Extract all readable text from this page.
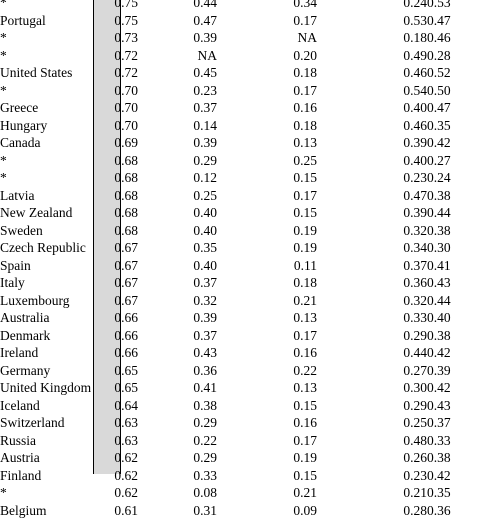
*	0.75	0.44	0.34	0.24	0.53
Portugal	0.75	0.47	0.17	0.53	0.47
*	0.73	0.39	NA	0.18	0.46
*	0.72	NA	0.20	0.49	0.28
United States	0.72	0.45	0.18	0.46	0.52
*	0.70	0.23	0.17	0.54	0.50
Greece	0.70	0.37	0.16	0.40	0.47
Hungary	0.70	0.14	0.18	0.46	0.35
Canada	0.69	0.39	0.13	0.39	0.42
*	0.68	0.29	0.25	0.40	0.27
*	0.68	0.12	0.15	0.23	0.24
Latvia	0.68	0.25	0.17	0.47	0.38
New Zealand	0.68	0.40	0.15	0.39	0.44
Sweden	0.68	0.40	0.19	0.32	0.38
Czech Republic	0.67	0.35	0.19	0.34	0.30
Spain	0.67	0.40	0.11	0.37	0.41
Italy	0.67	0.37	0.18	0.36	0.43
Luxembourg	0.67	0.32	0.21	0.32	0.44
Australia	0.66	0.39	0.13	0.33	0.40
Denmark	0.66	0.37	0.17	0.29	0.38
Ireland	0.66	0.43	0.16	0.44	0.42
Germany	0.65	0.36	0.22	0.27	0.39
United Kingdom	0.65	0.41	0.13	0.30	0.42
Iceland	0.64	0.38	0.15	0.29	0.43
Switzerland	0.63	0.29	0.16	0.25	0.37
Russia	0.63	0.22	0.17	0.48	0.33
Austria	0.62	0.29	0.19	0.26	0.38
Finland	0.62	0.33	0.15	0.23	0.42
*	0.62	0.08	0.21	0.21	0.35
Belgium	0.61	0.31	0.09	0.28	0.36
